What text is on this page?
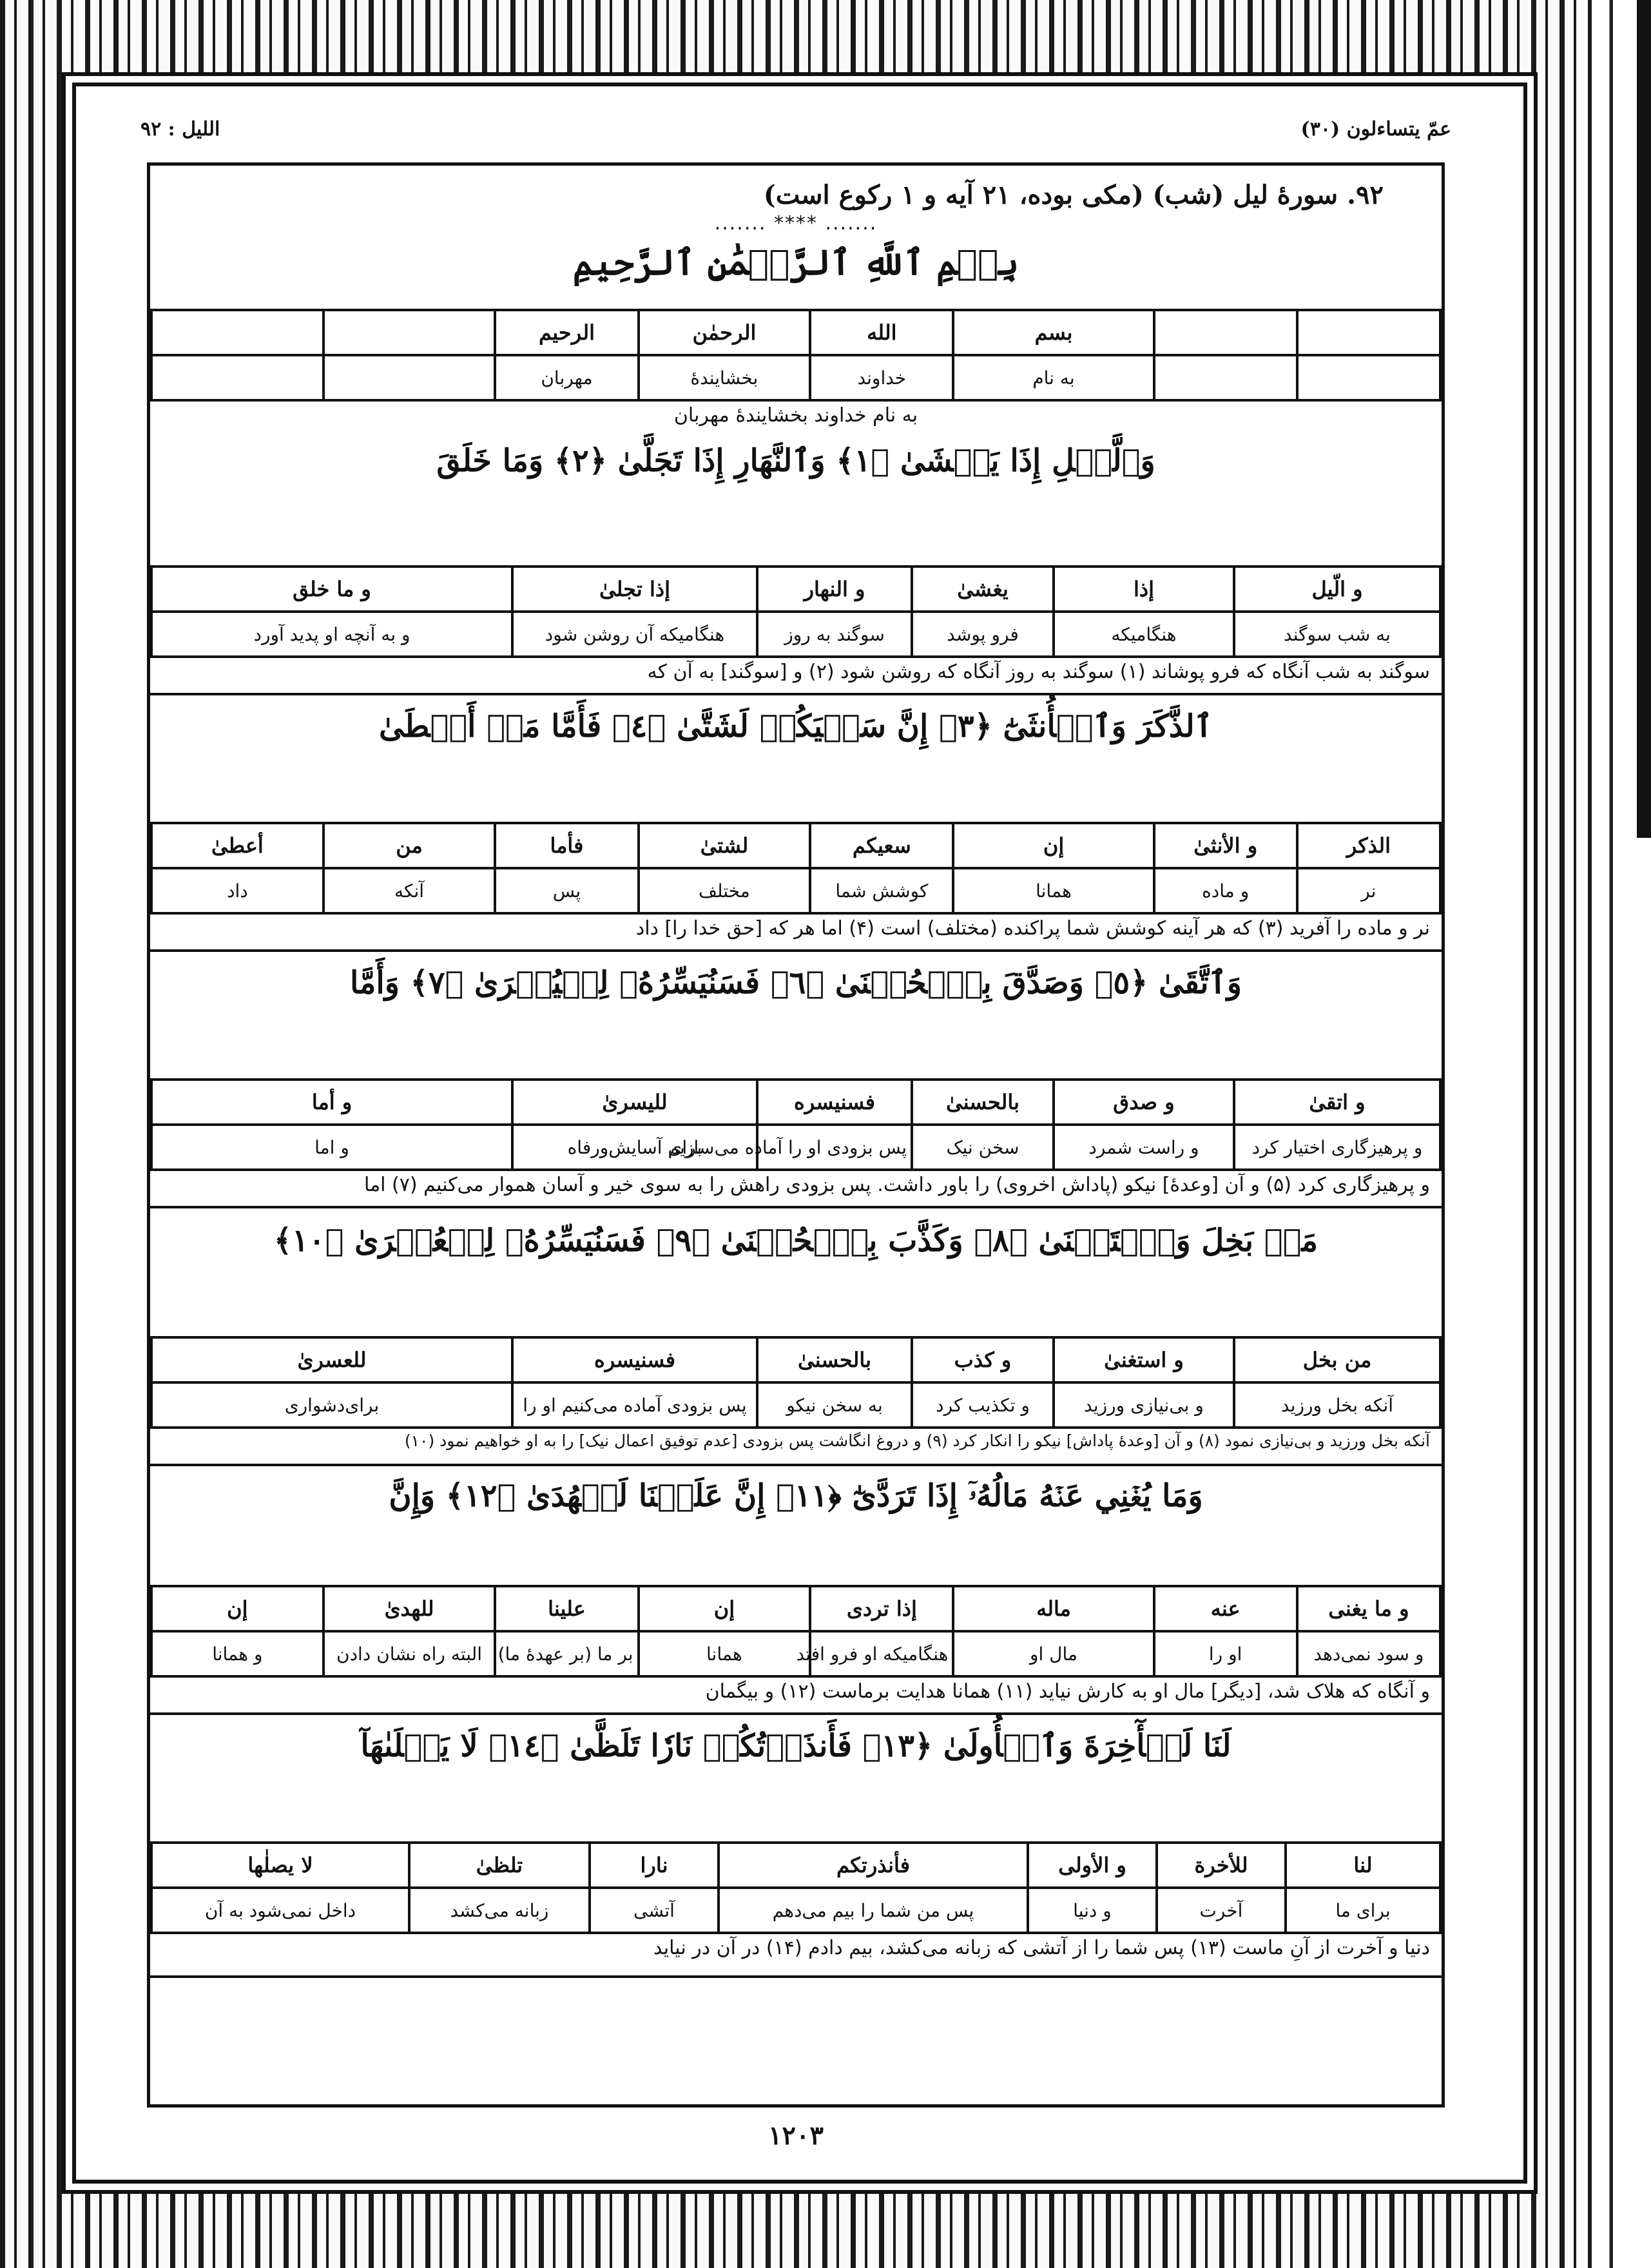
عمّ یتساءلون (۳۰)
اللیل : ۹۲
۹۲. سورهٔ لیل (شب) (مکی بوده، ۲۱ آیه و ۱ رکوع است)
....... **** .......
بِسۡمِ ٱللَّهِ ٱلرَّحۡمَٰنِ ٱلرَّحِيمِ
		بسم	الله	الرحمٰن	الرحیم		
		به نام	خداوند	بخشایندهٔ	مهربان		
به نام خداوند بخشایندهٔ مهربان
وَٱلَّيۡلِ إِذَا يَغۡشَىٰ ﴿١﴾ وَٱلنَّهَارِ إِذَا تَجَلَّىٰ ﴿٢﴾ وَمَا خَلَقَ
و الّیل	إذا	یغشیٰ	و النهار	إذا تجلیٰ	و ما خلق
به شب سوگند	هنگامیکه	فرو پوشد	سوگند به روز	هنگامیکه آن روشن شود	و به آنچه او پدید آورد
سوگند به شب آنگاه که فرو پوشاند (۱) سوگند به روز آنگاه که روشن شود (۲) و [سوگند] به آن که
ٱلذَّكَرَ وَٱلۡأُنثَىٰٓ ﴿٣﴾ إِنَّ سَعۡيَكُمۡ لَشَتَّىٰ ﴿٤﴾ فَأَمَّا مَنۡ أَعۡطَىٰ
الذکر	و الأنثیٰ	إن	سعیکم	لشتیٰ	فأما	من	أعطیٰ
نر	و ماده	همانا	کوشش شما	مختلف	پس	آنکه	داد
نر و ماده را آفرید (۳) که هر آینه کوشش شما پراکنده (مختلف) است (۴) اما هر که [حق خدا را] داد
وَٱتَّقَىٰ ﴿٥﴾ وَصَدَّقَ بِٱلۡحُسۡنَىٰ ﴿٦﴾ فَسَنُيَسِّرُهُۥ لِلۡيُسۡرَىٰ ﴿٧﴾ وَأَمَّا
و اتقیٰ	و صدق	بالحسنیٰ	فسنیسره	للیسریٰ	و أما
و پرهیزگاری اختیار کرد	و راست شمرد	سخن نیک	پس بزودی او را آماده می‌سازیم	برای آسایش‌ورفاه	و اما
و پرهیزگاری کرد (۵) و آن [وعدهٔ] نیکو (پاداش اخروی) را باور داشت. پس بزودی راهش را به سوی خیر و آسان هموار می‌کنیم (۷) اما
مَنۢ بَخِلَ وَٱسۡتَغۡنَىٰ ﴿٨﴾ وَكَذَّبَ بِٱلۡحُسۡنَىٰ ﴿٩﴾ فَسَنُيَسِّرُهُۥ لِلۡعُسۡرَىٰ ﴿١٠﴾
من بخل	و استغنیٰ	و کذب	بالحسنیٰ	فسنیسره	للعسریٰ
آنکه بخل ورزید	و بی‌نیازی ورزید	و تکذیب کرد	به سخن نیکو	پس بزودی آماده می‌کنیم او را	برای‌دشواری
آنکه بخل ورزید و بی‌نیازی نمود (۸) و آن [وعدهٔ پاداش] نیکو را انکار کرد (۹) و دروغ انگاشت پس بزودی [عدم توفیق اعمال نیک] را به او خواهیم نمود (۱۰)
وَمَا يُغۡنِي عَنۡهُ مَالُهُۥٓ إِذَا تَرَدَّىٰٓ ﴿١١﴾ إِنَّ عَلَيۡنَا لَلۡهُدَىٰ ﴿١٢﴾ وَإِنَّ
و ما یغنی	عنه	ماله	إذا تردی	إن	علینا	للهدیٰ	إن
و سود نمی‌دهد	او را	مال او	هنگامیکه او فرو افتد	همانا	بر ما (بر عهدهٔ ما)	البته راه نشان دادن	و همانا
و آنگاه که هلاک شد، [دیگر] مال او به کارش نیاید (۱۱) همانا هدایت برماست (۱۲) و بیگمان
لَنَا لَلۡأٓخِرَةَ وَٱلۡأُولَىٰ ﴿١٣﴾ فَأَنذَرۡتُكُمۡ نَارٗا تَلَظَّىٰ ﴿١٤﴾ لَا يَصۡلَىٰهَآ
لنا	للأخرة	و الأولی	فأنذرتکم	نارا	تلظیٰ	لا یصلٰها
برای ما	آخرت	و دنیا	پس من شما را بیم می‌دهم	آتشی	زبانه می‌کشد	داخل نمی‌شود به آن
دنیا و آخرت از آنِ ماست (۱۳) پس شما را از آتشی که زبانه می‌کشد، بیم دادم (۱۴) در آن در نیاید
۱۲۰۳
